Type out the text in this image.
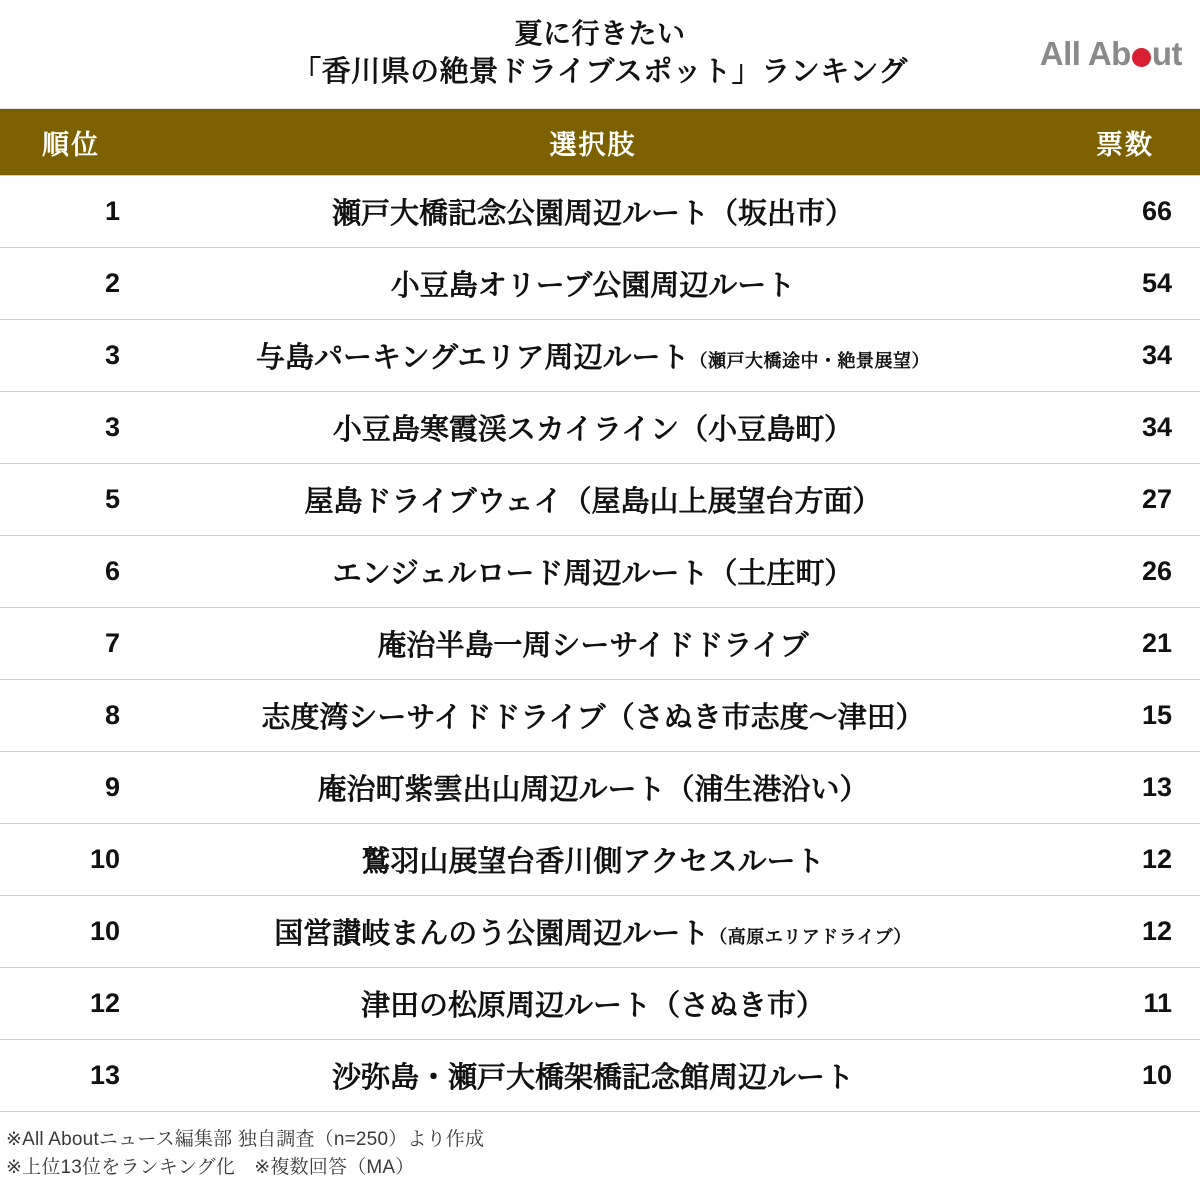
夏に行きたい
「香川県の絶景ドライブスポット」ランキング
All Ab ut
順位	選択肢	票数
1	瀬戸大橋記念公園周辺ルート（坂出市）	66
2	小豆島オリーブ公園周辺ルート	54
3	与島パーキングエリア周辺ルート（瀬戸大橋途中・絶景展望）	34
3	小豆島寒霞渓スカイライン（小豆島町）	34
5	屋島ドライブウェイ（屋島山上展望台方面）	27
6	エンジェルロード周辺ルート（土庄町）	26
7	庵治半島一周シーサイドドライブ	21
8	志度湾シーサイドドライブ（さぬき市志度～津田）	15
9	庵治町紫雲出山周辺ルート（浦生港沿い）	13
10	鷲羽山展望台香川側アクセスルート	12
10	国営讃岐まんのう公園周辺ルート（高原エリアドライブ）	12
12	津田の松原周辺ルート（さぬき市）	11
13	沙弥島・瀬戸大橋架橋記念館周辺ルート	10
※All Aboutニュース編集部 独自調査（n=250）より作成
※上位13位をランキング化　※複数回答（MA）
